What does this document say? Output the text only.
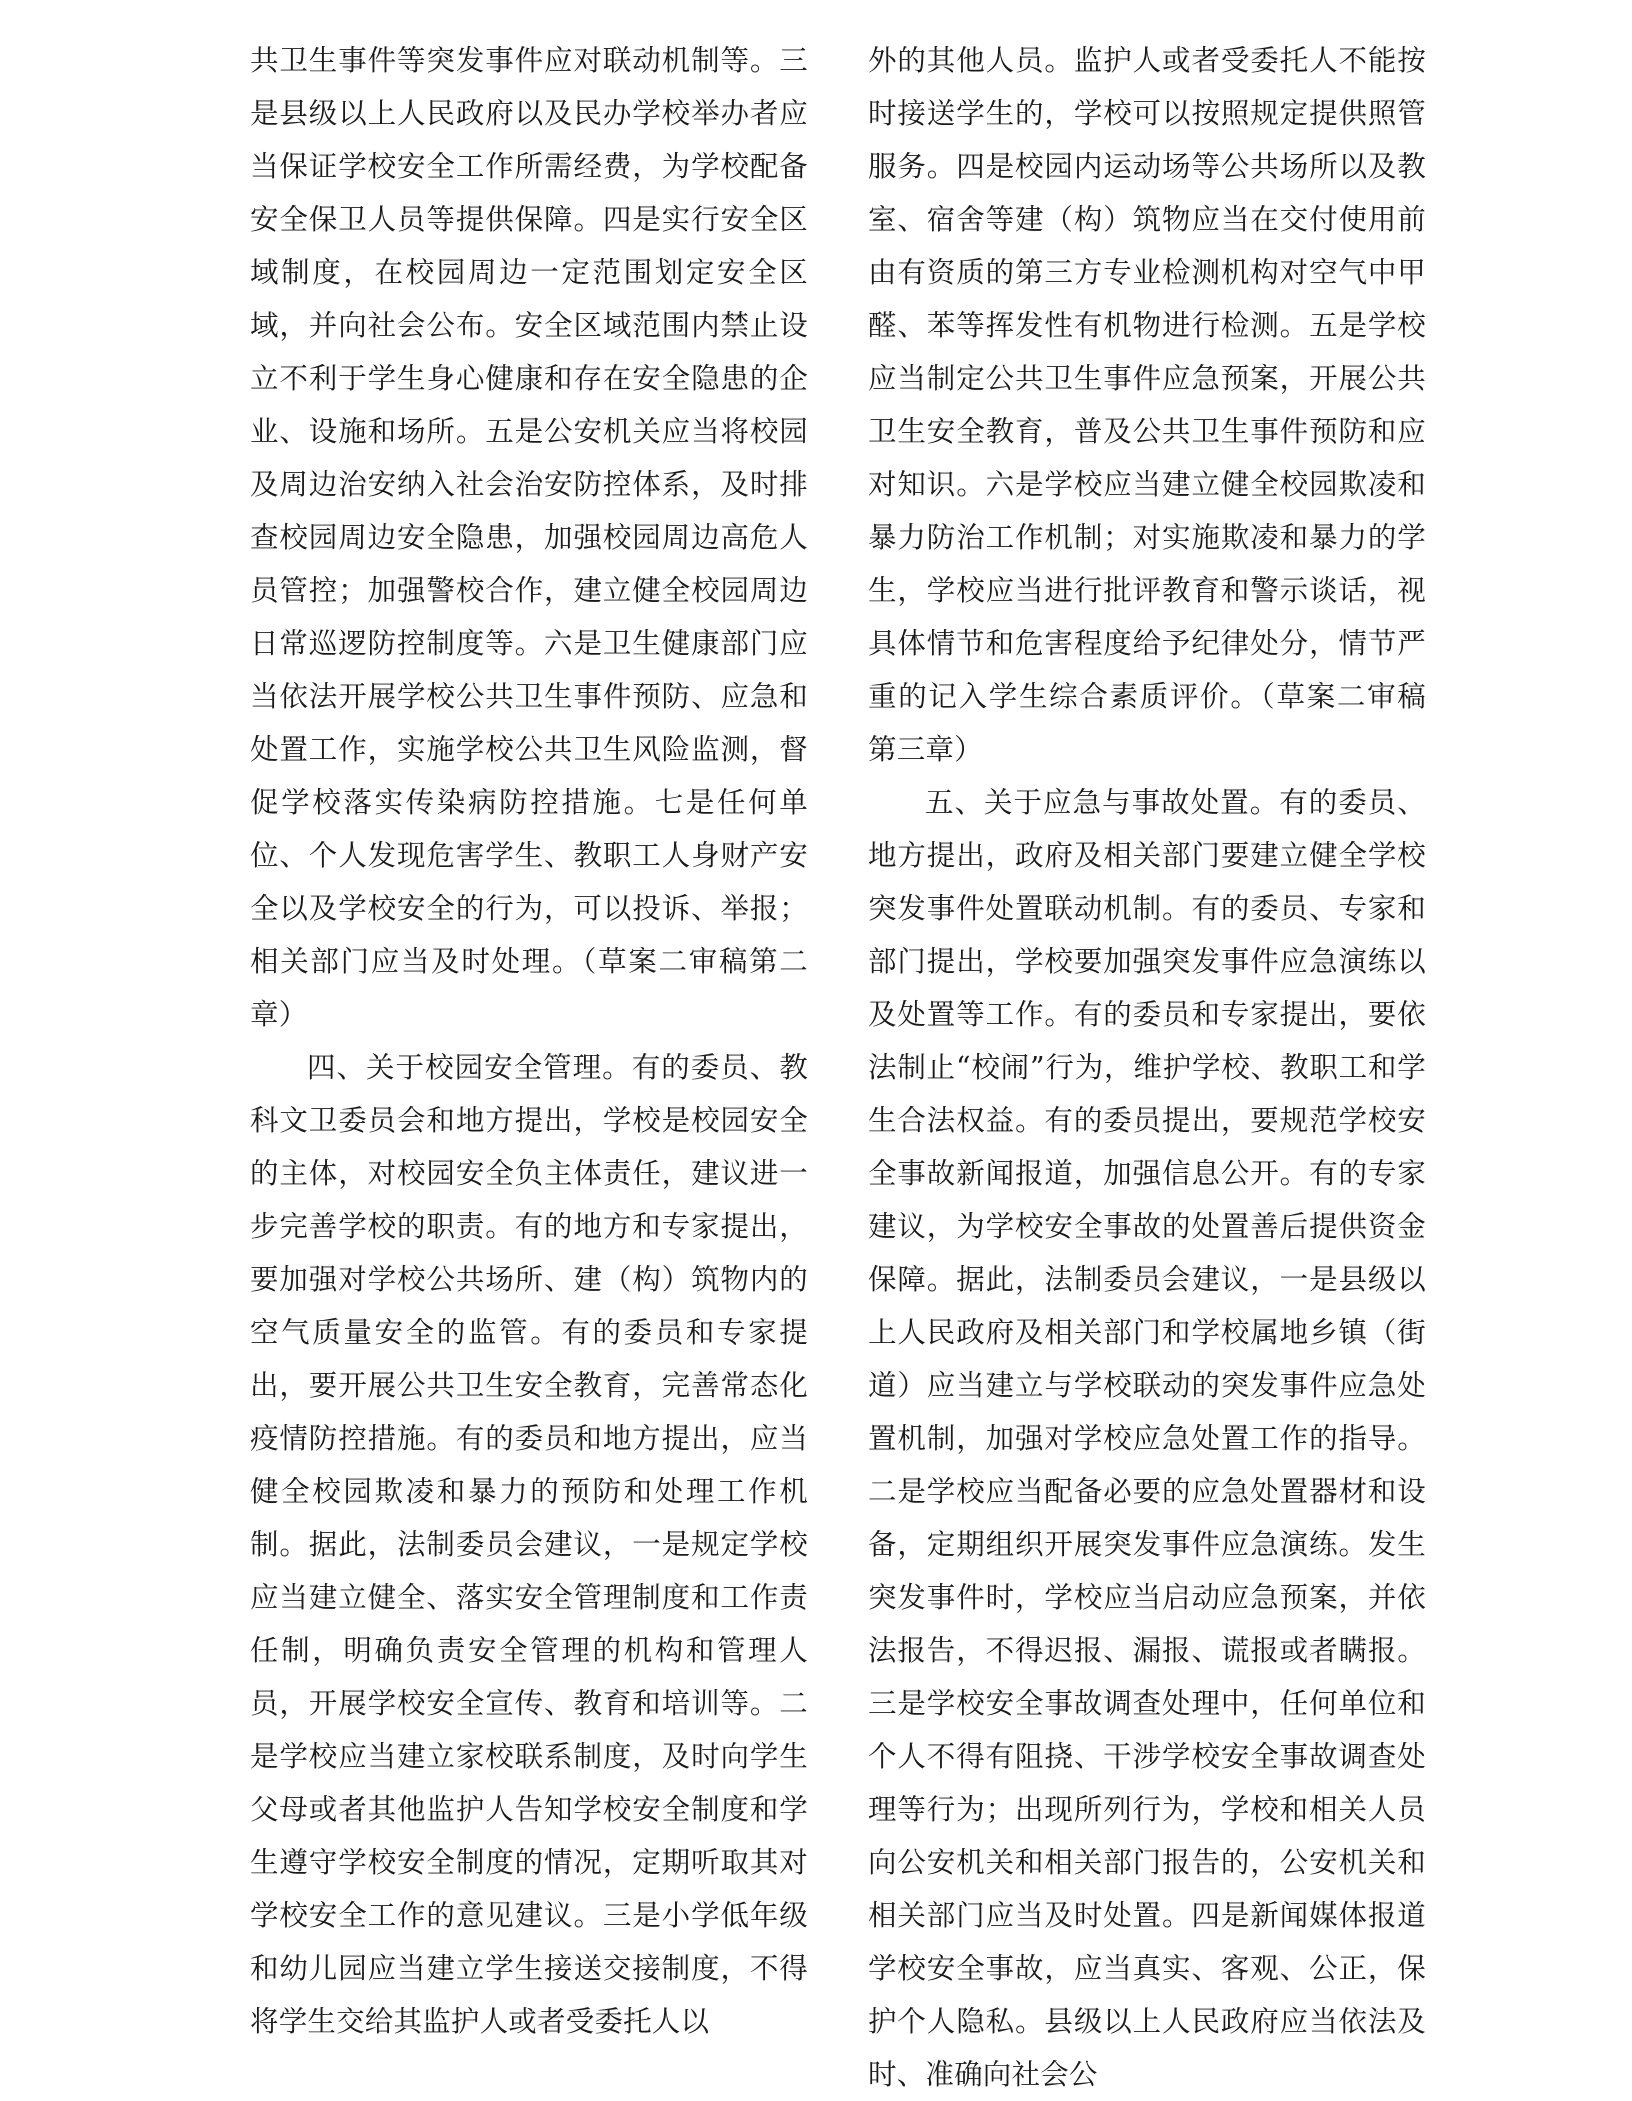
共卫生事件等突发事件应对联动机制等。三是县级以上人民政府以及民办学校举办者应当保证学校安全工作所需经费，为学校配备安全保卫人员等提供保障。四是实行安全区域制度，在校园周边一定范围划定安全区域，并向社会公布。安全区域范围内禁止设立不利于学生身心健康和存在安全隐患的企业、设施和场所。五是公安机关应当将校园及周边治安纳入社会治安防控体系，及时排查校园周边安全隐患，加强校园周边高危人员管控；加强警校合作，建立健全校园周边日常巡逻防控制度等。六是卫生健康部门应当依法开展学校公共卫生事件预防、应急和处置工作，实施学校公共卫生风险监测，督促学校落实传染病防控措施。七是任何单位、个人发现危害学生、教职工人身财产安全以及学校安全的行为，可以投诉、举报；相关部门应当及时处理。（草案二审稿第二章）

四、关于校园安全管理。有的委员、教科文卫委员会和地方提出，学校是校园安全的主体，对校园安全负主体责任，建议进一步完善学校的职责。有的地方和专家提出，要加强对学校公共场所、建（构）筑物内的空气质量安全的监管。有的委员和专家提出，要开展公共卫生安全教育，完善常态化疫情防控措施。有的委员和地方提出，应当健全校园欺凌和暴力的预防和处理工作机制。据此，法制委员会建议，一是规定学校应当建立健全、落实安全管理制度和工作责任制，明确负责安全管理的机构和管理人员，开展学校安全宣传、教育和培训等。二是学校应当建立家校联系制度，及时向学生父母或者其他监护人告知学校安全制度和学生遵守学校安全制度的情况，定期听取其对学校安全工作的意见建议。三是小学低年级和幼儿园应当建立学生接送交接制度，不得将学生交给其监护人或者受委托人以

外的其他人员。监护人或者受委托人不能按时接送学生的，学校可以按照规定提供照管服务。四是校园内运动场等公共场所以及教室、宿舍等建（构）筑物应当在交付使用前由有资质的第三方专业检测机构对空气中甲醛、苯等挥发性有机物进行检测。五是学校应当制定公共卫生事件应急预案，开展公共卫生安全教育，普及公共卫生事件预防和应对知识。六是学校应当建立健全校园欺凌和暴力防治工作机制；对实施欺凌和暴力的学生，学校应当进行批评教育和警示谈话，视具体情节和危害程度给予纪律处分，情节严重的记入学生综合素质评价。（草案二审稿第三章）

五、关于应急与事故处置。有的委员、地方提出，政府及相关部门要建立健全学校突发事件处置联动机制。有的委员、专家和部门提出，学校要加强突发事件应急演练以及处置等工作。有的委员和专家提出，要依法制止“校闹”行为，维护学校、教职工和学生合法权益。有的委员提出，要规范学校安全事故新闻报道，加强信息公开。有的专家建议，为学校安全事故的处置善后提供资金保障。据此，法制委员会建议，一是县级以上人民政府及相关部门和学校属地乡镇（街道）应当建立与学校联动的突发事件应急处置机制，加强对学校应急处置工作的指导。二是学校应当配备必要的应急处置器材和设备，定期组织开展突发事件应急演练。发生突发事件时，学校应当启动应急预案，并依法报告，不得迟报、漏报、谎报或者瞒报。三是学校安全事故调查处理中，任何单位和个人不得有阻挠、干涉学校安全事故调查处理等行为；出现所列行为，学校和相关人员向公安机关和相关部门报告的，公安机关和相关部门应当及时处置。四是新闻媒体报道学校安全事故，应当真实、客观、公正，保护个人隐私。县级以上人民政府应当依法及时、准确向社会公
